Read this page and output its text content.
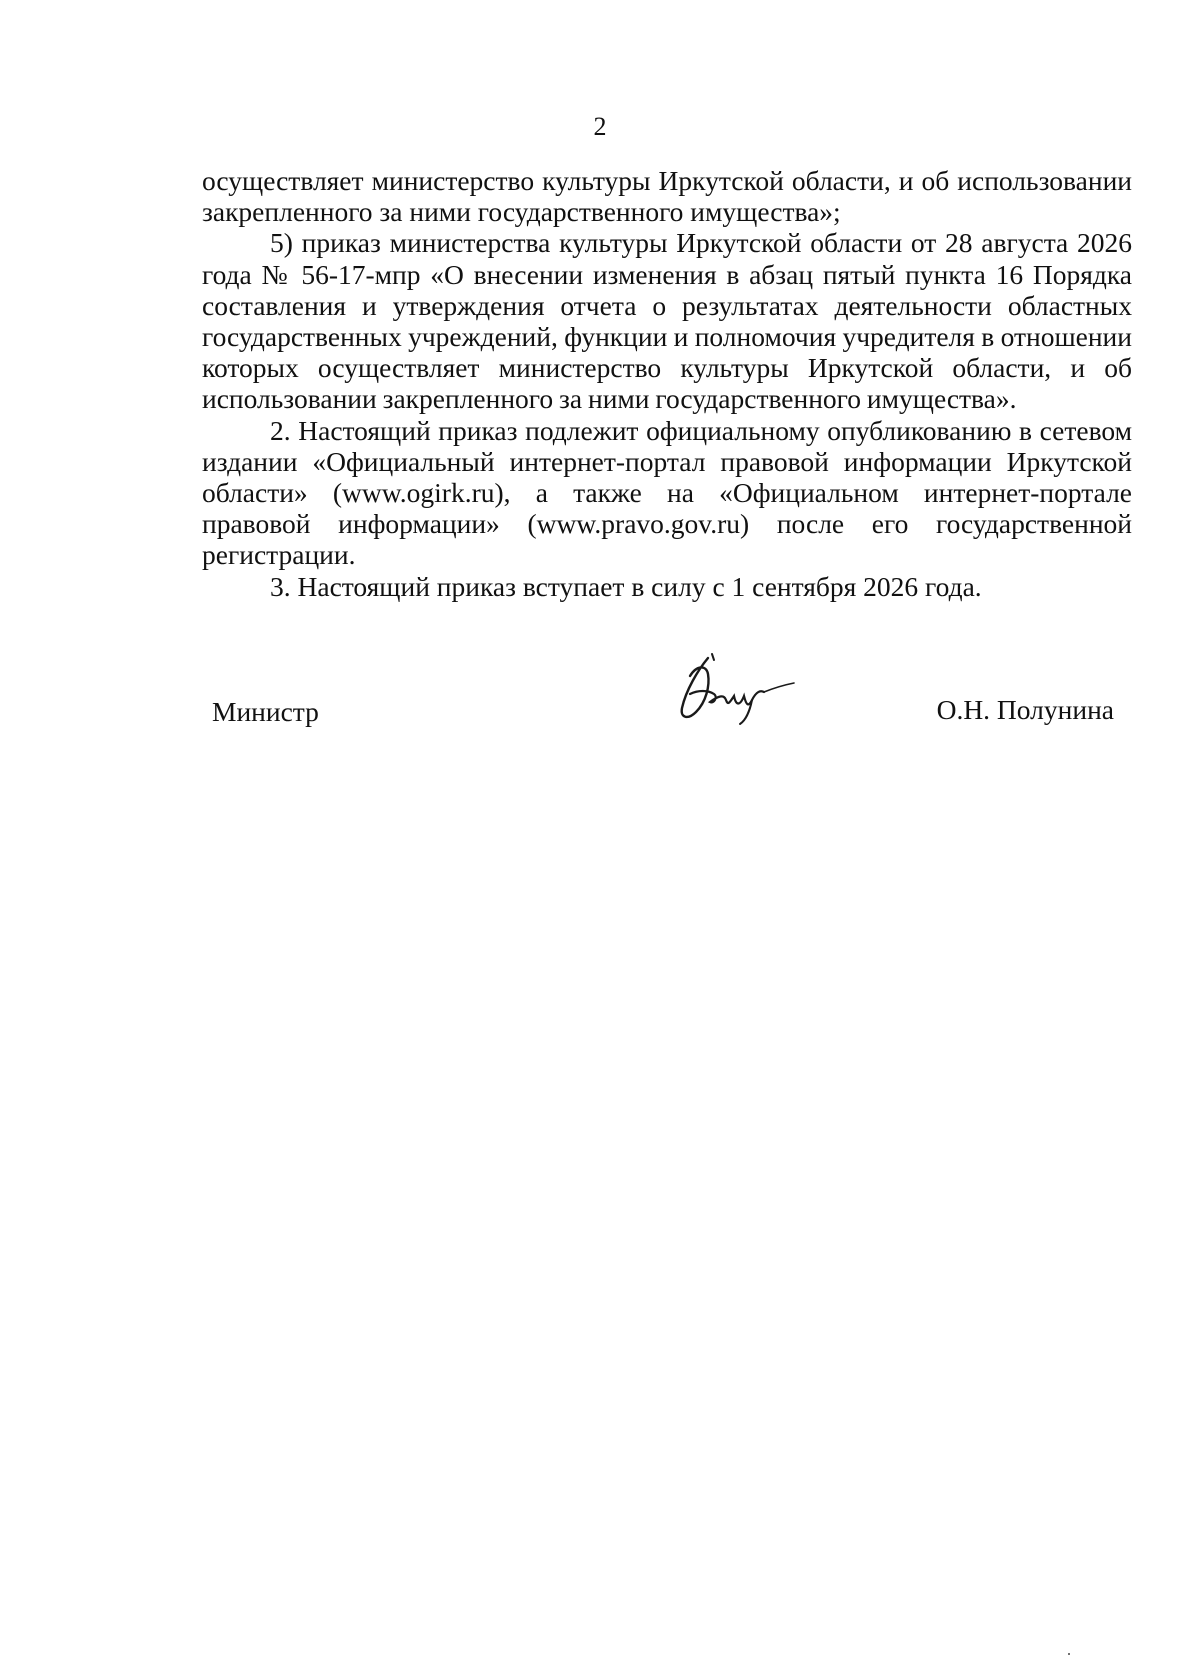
2

осуществляет министерство культуры Иркутской области, и об использовании закрепленного за ними государственного имущества»;

5) приказ министерства культуры Иркутской области от 28 августа 2026 года № 56-17-мпр «О внесении изменения в абзац пятый пункта 16 Порядка составления и утверждения отчета о результатах деятельности областных государственных учреждений, функции и полномочия учредителя в отношении которых осуществляет министерство культуры Иркутской области, и об использовании закрепленного за ними государственного имущества».

2. Настоящий приказ подлежит официальному опубликованию в сетевом издании «Официальный интернет-портал правовой информации Иркутской области» (www.ogirk.ru), а также на «Официальном интернет-портале правовой информации» (www.pravo.gov.ru) после его государственной регистрации.

3. Настоящий приказ вступает в силу с 1 сентября 2026 года.

Министр	О.Н. Полунина
